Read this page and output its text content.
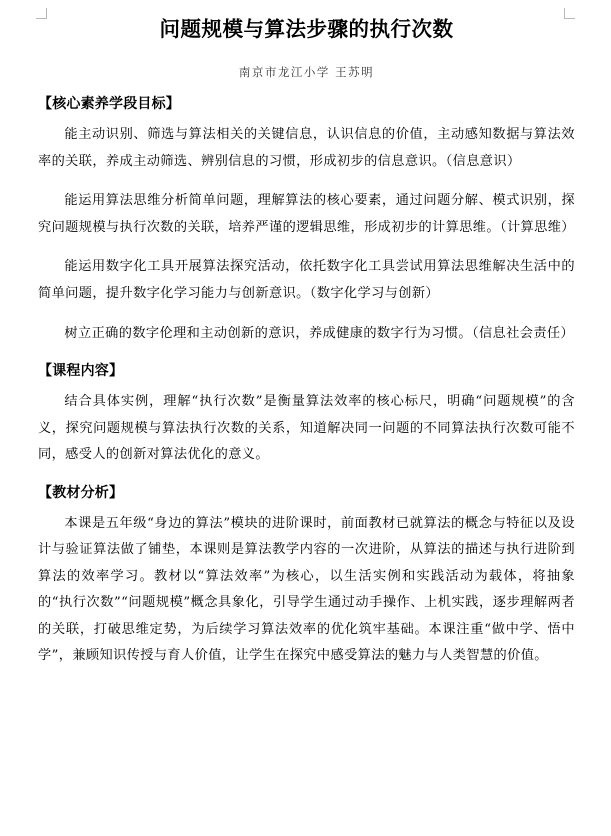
问题规模与算法步骤的执行次数
南京市龙江小学 王苏明
【核心素养学段目标】

能主动识别、筛选与算法相关的关键信息，认识信息的价值，主动感知数据与算法效率的关联，养成主动筛选、辨别信息的习惯，形成初步的信息意识。（信息意识）

能运用算法思维分析简单问题，理解算法的核心要素，通过问题分解、模式识别，探究问题规模与执行次数的关联，培养严谨的逻辑思维，形成初步的计算思维。（计算思维）

能运用数字化工具开展算法探究活动，依托数字化工具尝试用算法思维解决生活中的简单问题，提升数字化学习能力与创新意识。（数字化学习与创新）

树立正确的数字伦理和主动创新的意识，养成健康的数字行为习惯。（信息社会责任）

【课程内容】

结合具体实例，理解“执行次数”是衡量算法效率的核心标尺，明确“问题规模”的含义，探究问题规模与算法执行次数的关系，知道解决同一问题的不同算法执行次数可能不同，感受人的创新对算法优化的意义。

【教材分析】

本课是五年级“身边的算法”模块的进阶课时，前面教材已就算法的概念与特征以及设计与验证算法做了铺垫，本课则是算法教学内容的一次进阶，从算法的描述与执行进阶到算法的效率学习。教材以“算法效率”为核心，以生活实例和实践活动为载体，将抽象的“执行次数”“问题规模”概念具象化，引导学生通过动手操作、上机实践，逐步理解两者的关联，打破思维定势，为后续学习算法效率的优化筑牢基础。本课注重“做中学、悟中学”，兼顾知识传授与育人价值，让学生在探究中感受算法的魅力与人类智慧的价值。
